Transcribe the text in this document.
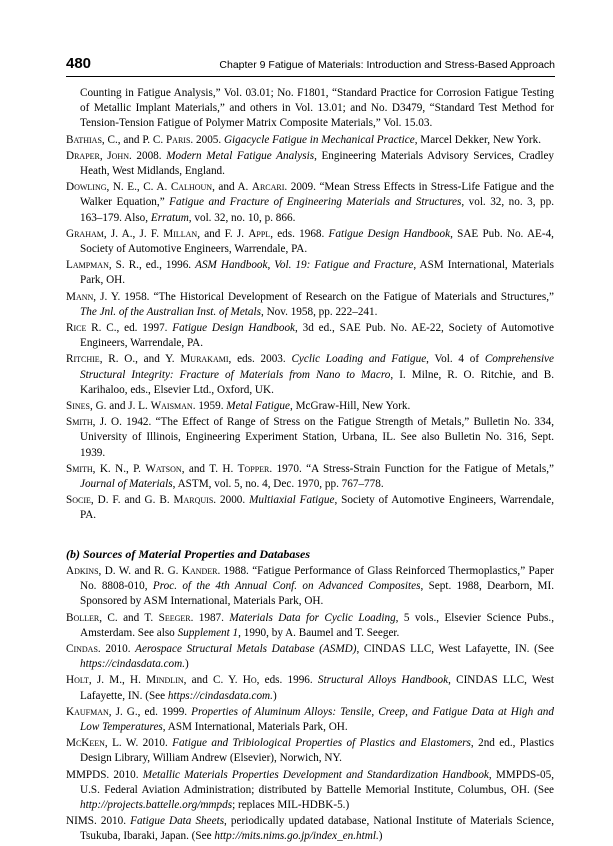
480	Chapter 9 Fatigue of Materials: Introduction and Stress-Based Approach

Counting in Fatigue Analysis,” Vol. 03.01; No. F1801, “Standard Practice for Corrosion Fatigue Testing of Metallic Implant Materials,” and others in Vol. 13.01; and No. D3479, “Standard Test Method for Tension-Tension Fatigue of Polymer Matrix Composite Materials,” Vol. 15.03.

Bathias, C., and P. C. Paris. 2005. Gigacycle Fatigue in Mechanical Practice, Marcel Dekker, New York.

Draper, John. 2008. Modern Metal Fatigue Analysis, Engineering Materials Advisory Services, Cradley Heath, West Midlands, England.

Dowling, N. E., C. A. Calhoun, and A. Arcari. 2009. “Mean Stress Effects in Stress-Life Fatigue and the Walker Equation,” Fatigue and Fracture of Engineering Materials and Structures, vol. 32, no. 3, pp. 163–179. Also, Erratum, vol. 32, no. 10, p. 866.

Graham, J. A., J. F. Millan, and F. J. Appl, eds. 1968. Fatigue Design Handbook, SAE Pub. No. AE-4, Society of Automotive Engineers, Warrendale, PA.

Lampman, S. R., ed., 1996. ASM Handbook, Vol. 19: Fatigue and Fracture, ASM International, Materials Park, OH.

Mann, J. Y. 1958. “The Historical Development of Research on the Fatigue of Materials and Structures,” The Jnl. of the Australian Inst. of Metals, Nov. 1958, pp. 222–241.

Rice R. C., ed. 1997. Fatigue Design Handbook, 3d ed., SAE Pub. No. AE-22, Society of Automotive Engineers, Warrendale, PA.

Ritchie, R. O., and Y. Murakami, eds. 2003. Cyclic Loading and Fatigue, Vol. 4 of Comprehensive Structural Integrity: Fracture of Materials from Nano to Macro, I. Milne, R. O. Ritchie, and B. Karihaloo, eds., Elsevier Ltd., Oxford, UK.

Sines, G. and J. L. Waisman. 1959. Metal Fatigue, McGraw-Hill, New York.

Smith, J. O. 1942. “The Effect of Range of Stress on the Fatigue Strength of Metals,” Bulletin No. 334, University of Illinois, Engineering Experiment Station, Urbana, IL. See also Bulletin No. 316, Sept. 1939.

Smith, K. N., P. Watson, and T. H. Topper. 1970. “A Stress-Strain Function for the Fatigue of Metals,” Journal of Materials, ASTM, vol. 5, no. 4, Dec. 1970, pp. 767–778.

Socie, D. F. and G. B. Marquis. 2000. Multiaxial Fatigue, Society of Automotive Engineers, Warrendale, PA.

(b) Sources of Material Properties and Databases

Adkins, D. W. and R. G. Kander. 1988. “Fatigue Performance of Glass Reinforced Thermoplastics,” Paper No. 8808-010, Proc. of the 4th Annual Conf. on Advanced Composites, Sept. 1988, Dearborn, MI. Sponsored by ASM International, Materials Park, OH.

Boller, C. and T. Seeger. 1987. Materials Data for Cyclic Loading, 5 vols., Elsevier Science Pubs., Amsterdam. See also Supplement 1, 1990, by A. Baumel and T. Seeger.

Cindas. 2010. Aerospace Structural Metals Database (ASMD), CINDAS LLC, West Lafayette, IN. (See https://cindasdata.com.)

Holt, J. M., H. Mindlin, and C. Y. Ho, eds. 1996. Structural Alloys Handbook, CINDAS LLC, West Lafayette, IN. (See https://cindasdata.com.)

Kaufman, J. G., ed. 1999. Properties of Aluminum Alloys: Tensile, Creep, and Fatigue Data at High and Low Temperatures, ASM International, Materials Park, OH.

McKeen, L. W. 2010. Fatigue and Tribiological Properties of Plastics and Elastomers, 2nd ed., Plastics Design Library, William Andrew (Elsevier), Norwich, NY.

MMPDS. 2010. Metallic Materials Properties Development and Standardization Handbook, MMPDS-05, U.S. Federal Aviation Administration; distributed by Battelle Memorial Institute, Columbus, OH. (See http://projects.battelle.org/mmpds; replaces MIL-HDBK-5.)

NIMS. 2010. Fatigue Data Sheets, periodically updated database, National Institute of Materials Science, Tsukuba, Ibaraki, Japan. (See http://mits.nims.go.jp/index_en.html.)
